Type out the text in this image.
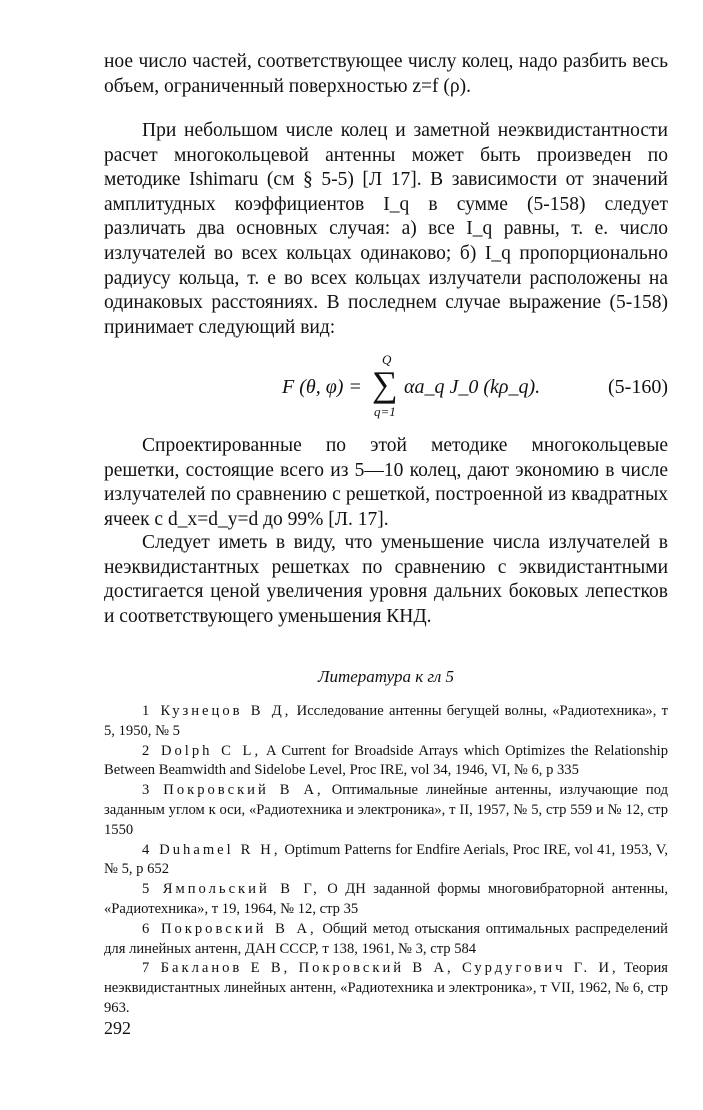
ное число частей, соответствующее числу колец, надо разбить весь объем, ограниченный поверхностью z=f (ρ).

При небольшом числе колец и заметной неэквидистантности расчет многокольцевой антенны может быть произведен по методике Ishimaru (см § 5-5) [Л 17]. В зависимости от значений амплитудных коэффициентов I_q в сумме (5-158) следует различать два основных случая: а) все I_q равны, т. е. число излучателей во всех кольцах одинаково; б) I_q пропорционально радиусу кольца, т. е во всех кольцах излучатели расположены на одинаковых расстояниях. В последнем случае выражение (5-158) принимает следующий вид:

F (θ, φ) =
Q
∑
q=1
αa_q J_0 (kρ_q).	(5-160)

Спроектированные по этой методике многокольцевые решетки, состоящие всего из 5—10 колец, дают экономию в числе излучателей по сравнению с решеткой, построенной из квадратных ячеек с d_x=d_y=d до 99% [Л. 17].

Следует иметь в виду, что уменьшение числа излучателей в неэквидистантных решетках по сравнению с эквидистантными достигается ценой увеличения уровня дальних боковых лепестков и соответствующего уменьшения КНД.

Литература к гл 5

1 Кузнецов В Д, Исследование антенны бегущей волны, «Радиотехника», т 5, 1950, № 5

2 Dolph C L, A Current for Broadside Arrays which Optimizes the Relationship Between Beamwidth and Sidelobe Level, Proc IRE, vol 34, 1946, VI, № 6, p 335

3 Покровский В А, Оптимальные линейные антенны, излучающие под заданным углом к оси, «Радиотехника и электроника», т II, 1957, № 5, стр 559 и № 12, стр 1550

4 Duhamel R H, Optimum Patterns for Endfire Aerials, Proc IRE, vol 41, 1953, V, № 5, p 652

5 Ямпольский В Г, О ДН заданной формы многовибраторной антенны, «Радиотехника», т 19, 1964, № 12, стр 35

6 Покровский В А, Общий метод отыскания оптимальных распределений для линейных антенн, ДАН СССР, т 138, 1961, № 3, стр 584

7 Бакланов Е В, Покровский В А, Сурдугович Г. И, Теория неэквидистантных линейных антенн, «Радиотехника и электроника», т VII, 1962, № 6, стр 963.

292
